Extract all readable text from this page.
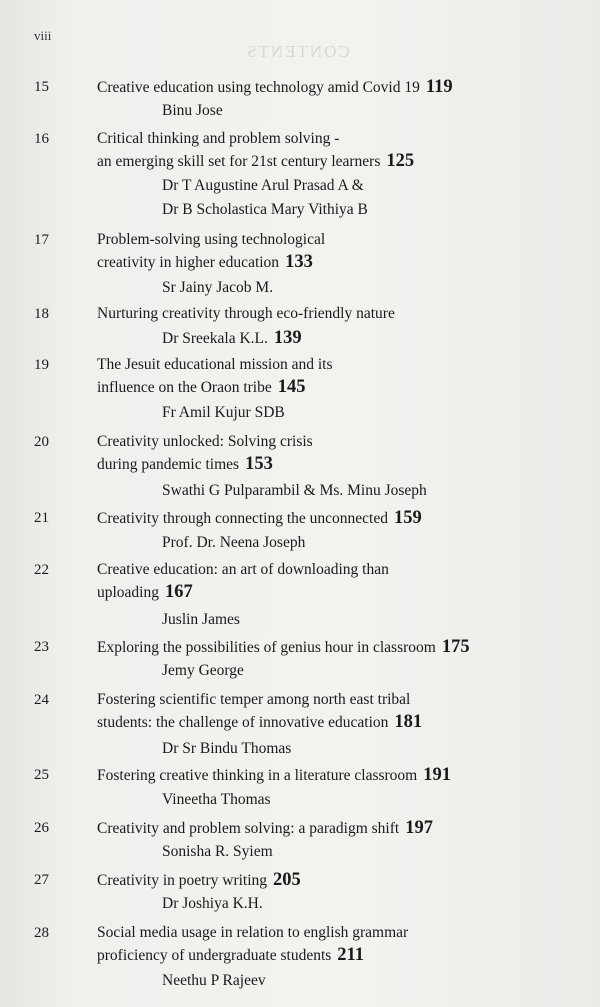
CONTENTS
viii
15	Creative education using technology amid Covid 19 119
Binu Jose
16	Critical thinking and problem solving -
an emerging skill set for 21st century learners 125
Dr T Augustine Arul Prasad A &
Dr B Scholastica Mary Vithiya B
17	Problem-solving using technological
creativity in higher education 133
Sr Jainy Jacob M.
18	Nurturing creativity through eco-friendly nature
Dr Sreekala K.L. 139
19	The Jesuit educational mission and its
influence on the Oraon tribe 145
Fr Amil Kujur SDB
20	Creativity unlocked: Solving crisis
during pandemic times 153
Swathi G Pulparambil & Ms. Minu Joseph
21	Creativity through connecting the unconnected 159
Prof. Dr. Neena Joseph
22	Creative education: an art of downloading than
uploading 167
Juslin James
23	Exploring the possibilities of genius hour in classroom 175
Jemy George
24	Fostering scientific temper among north east tribal
students: the challenge of innovative education 181
Dr Sr Bindu Thomas
25	Fostering creative thinking in a literature classroom 191
Vineetha Thomas
26	Creativity and problem solving: a paradigm shift 197
Sonisha R. Syiem
27	Creativity in poetry writing 205
Dr Joshiya K.H.
28	Social media usage in relation to english grammar
proficiency of undergraduate students 211
Neethu P Rajeev
